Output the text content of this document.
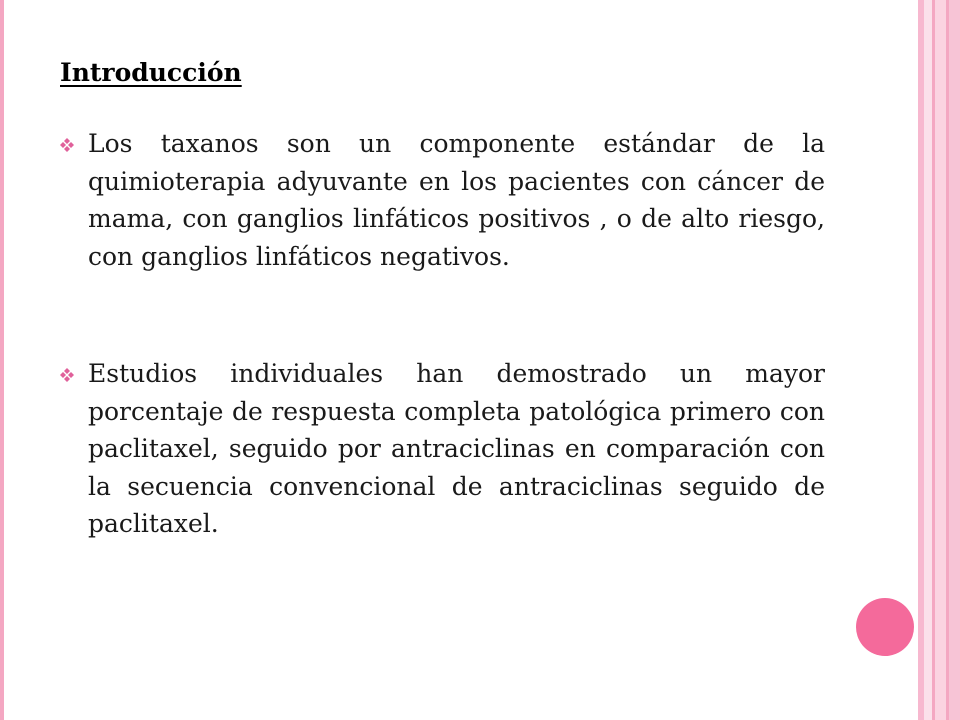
Introducción
Los taxanos son un componente estándar de la quimioterapia adyuvante en los pacientes con cáncer de mama, con ganglios linfáticos positivos , o de alto riesgo, con ganglios linfáticos negativos.
Estudios individuales han demostrado un mayor porcentaje de respuesta completa patológica primero con paclitaxel, seguido por antraciclinas en comparación con la secuencia convencional de antraciclinas seguido de paclitaxel.
